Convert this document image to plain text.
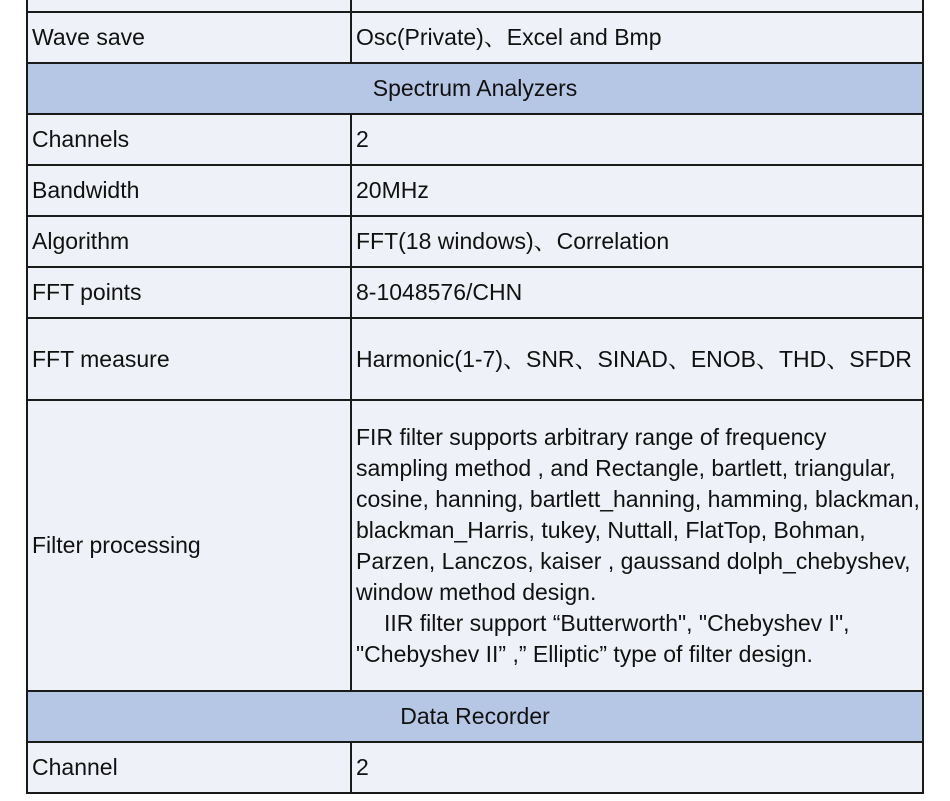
Wave save	Osc(Private)、Excel and Bmp
Spectrum Analyzers	
Channels	2
Bandwidth	20MHz
Algorithm	FFT(18 windows)、Correlation
FFT points	8-1048576/CHN
FFT measure	Harmonic(1-7)、SNR、SINAD、ENOB、THD、SFDR
Filter processing	FIR filter supports arbitrary range of frequency sampling method , and Rectangle, bartlett, triangular, cosine, hanning, bartlett_hanning, hamming, blackman, blackman_Harris, tukey, Nuttall, FlatTop, Bohman, Parzen, Lanczos, kaiser , gaussand dolph_chebyshev, window method design.
IIR filter support “Butterworth", "Chebyshev I", "Chebyshev II” ,” Elliptic” type of filter design.

Data Recorder	
Channel	2
